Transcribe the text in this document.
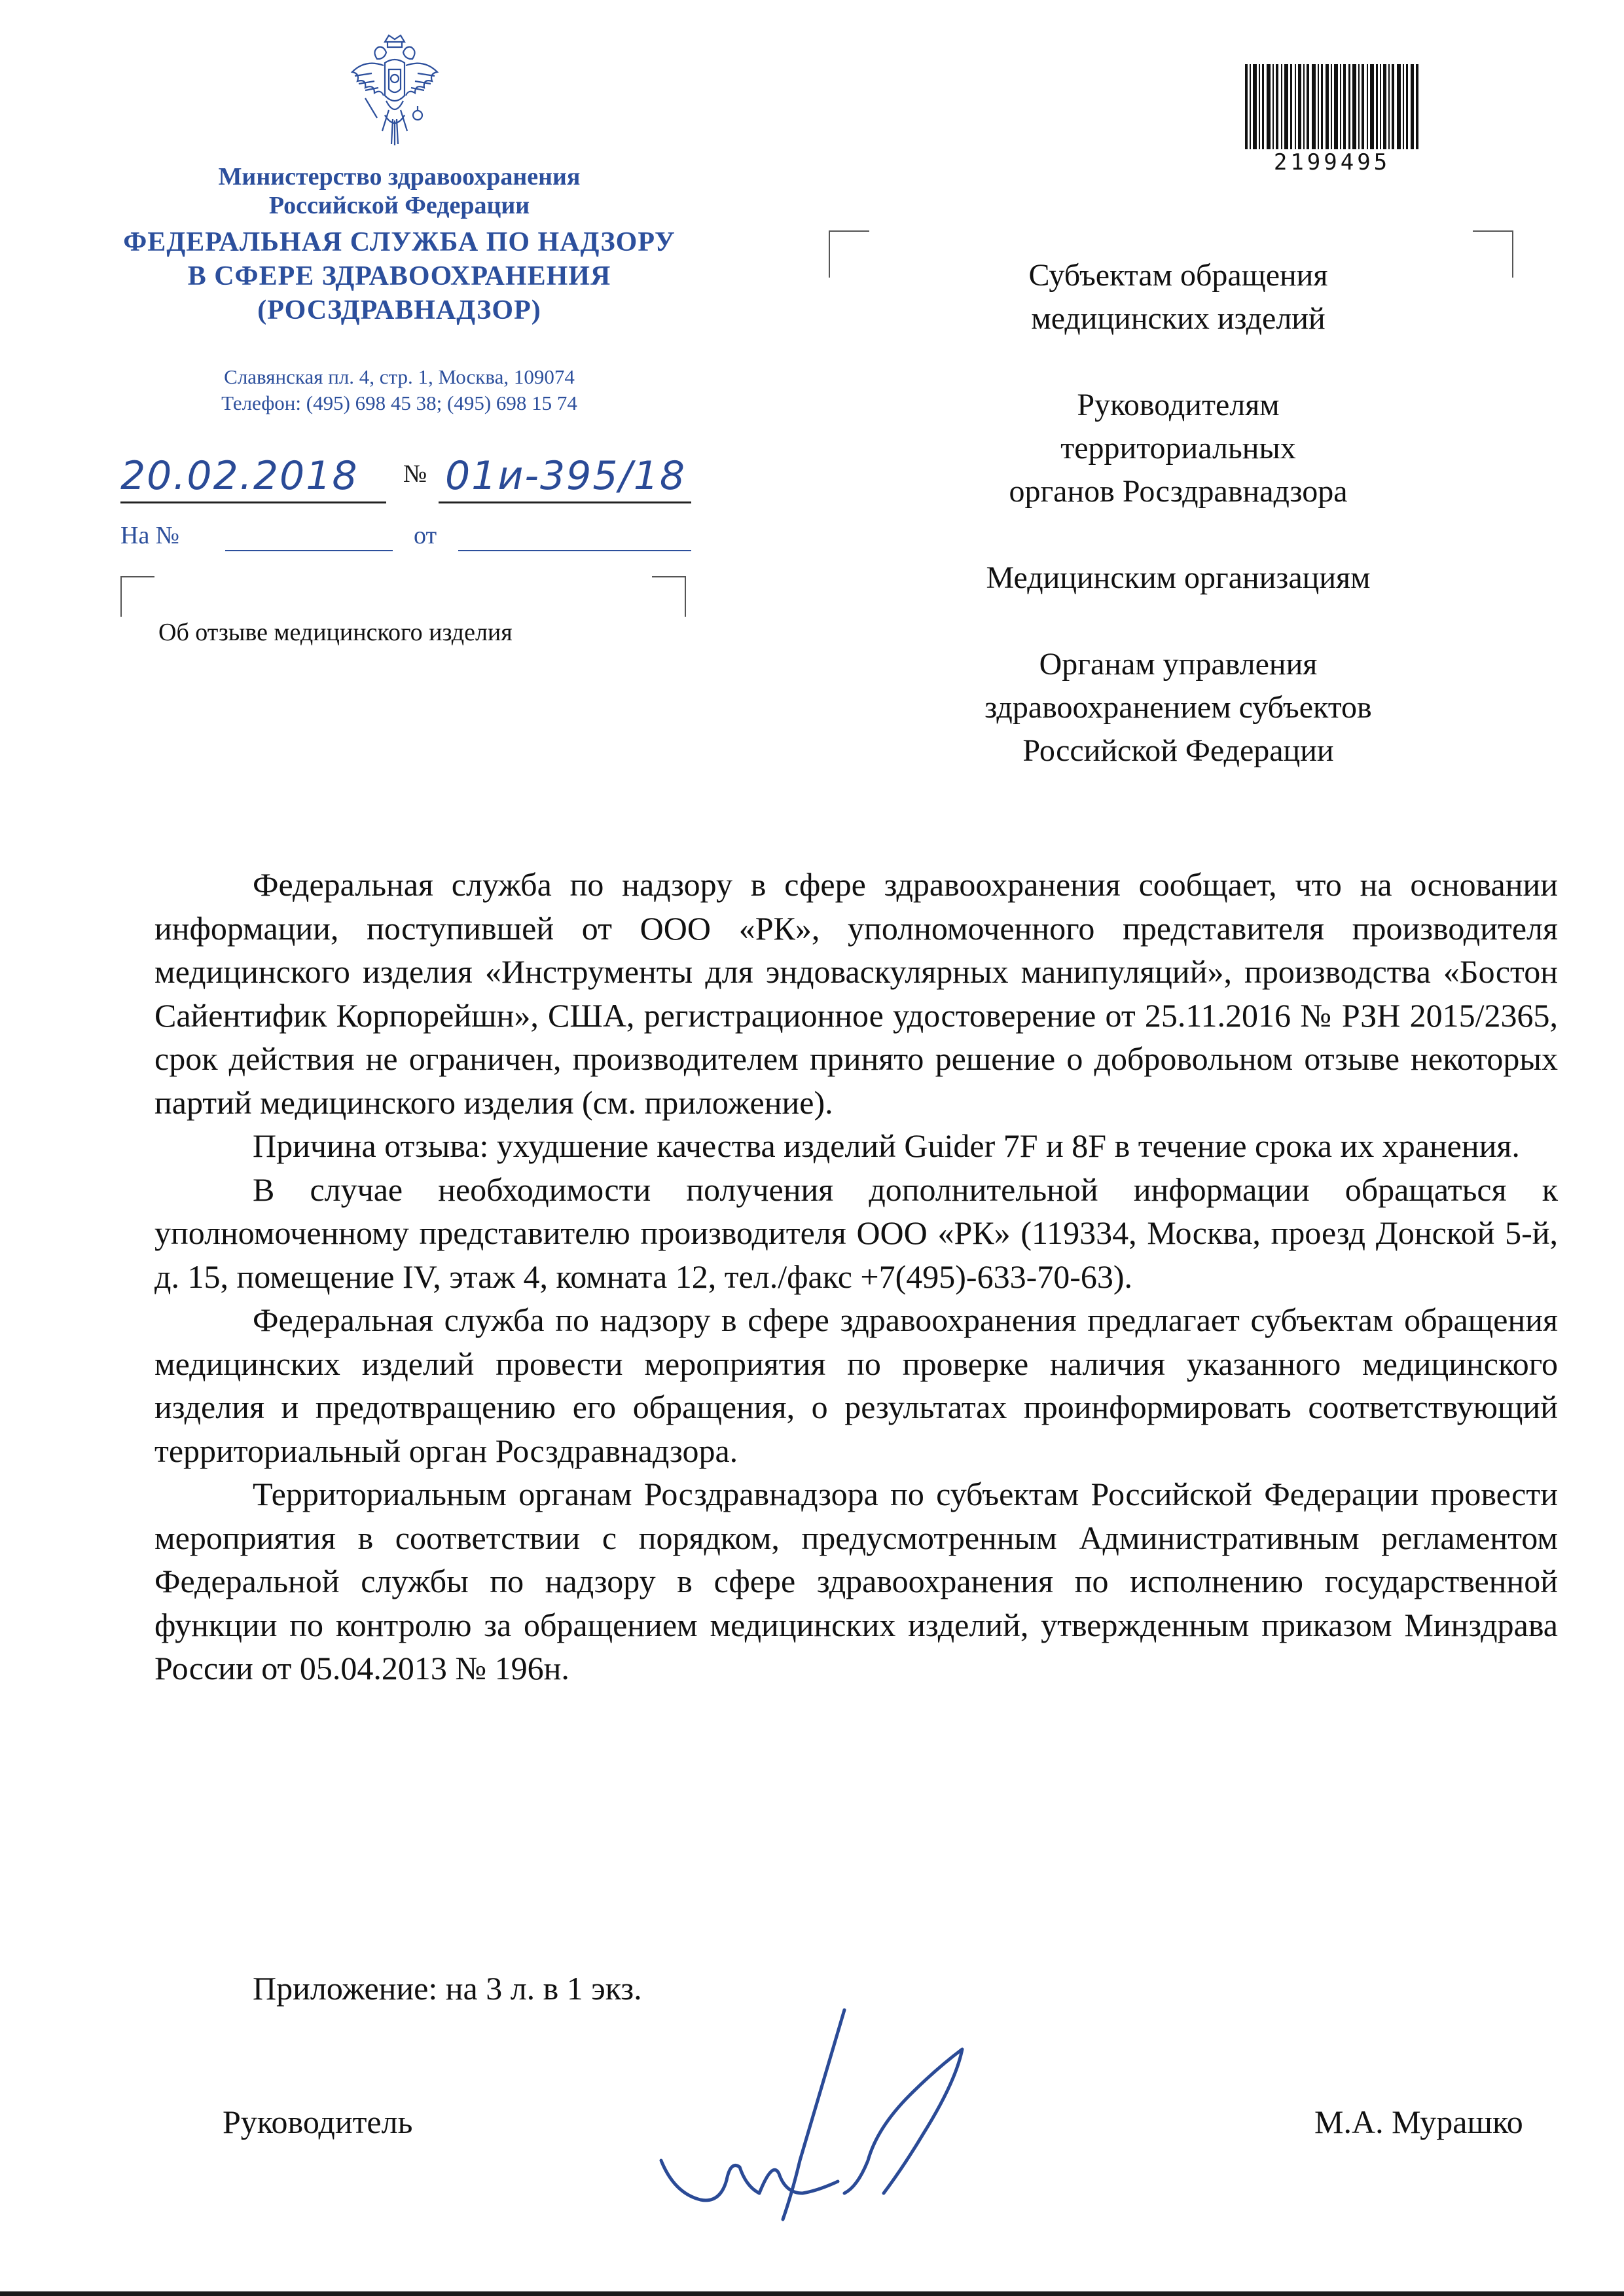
Министерство здравоохранения
Российской Федерации
ФЕДЕРАЛЬНАЯ СЛУЖБА ПО НАДЗОРУ
В СФЕРЕ ЗДРАВООХРАНЕНИЯ
(РОСЗДРАВНАДЗОР)
Славянская пл. 4, стр. 1, Москва, 109074
Телефон: (495) 698 45 38; (495) 698 15 74
20.02.2018 № 01и-395/18
На №	от
Об отзыве медицинского изделия
2199495
Субъектам обращения
медицинских изделий
Руководителям
территориальных
органов Росздравнадзора
Медицинским организациям
Органам управления
здравоохранением субъектов
Российской Федерации

Федеральная служба по надзору в сфере здравоохранения сообщает, что на основании информации, поступившей от ООО «РК», уполномоченного представителя производителя медицинского изделия «Инструменты для эндоваскулярных манипуляций», производства «Бостон Сайентифик Корпорейшн», США, регистрационное удостоверение от 25.11.2016 № РЗН 2015/2365, срок действия не ограничен, производителем принято решение о добровольном отзыве некоторых партий медицинского изделия (см. приложение).

Причина отзыва: ухудшение качества изделий Guider 7F и 8F в течение срока их хранения.

В случае необходимости получения дополнительной информации обращаться к уполномоченному представителю производителя ООО «РК» (119334, Москва, проезд Донской 5-й, д. 15, помещение IV, этаж 4, комната 12, тел./факс +7(495)-633-70-63).

Федеральная служба по надзору в сфере здравоохранения предлагает субъектам обращения медицинских изделий провести мероприятия по проверке наличия указанного медицинского изделия и предотвращению его обращения, о результатах проинформировать соответствующий территориальный орган Росздравнадзора.

Территориальным органам Росздравнадзора по субъектам Российской Федерации провести мероприятия в соответствии с порядком, предусмотренным Административным регламентом Федеральной службы по надзору в сфере здравоохранения по исполнению государственной функции по контролю за обращением медицинских изделий, утвержденным приказом Минздрава России от 05.04.2013 № 196н.

Приложение: на 3 л. в 1 экз.
Руководитель	М.А. Мурашко
